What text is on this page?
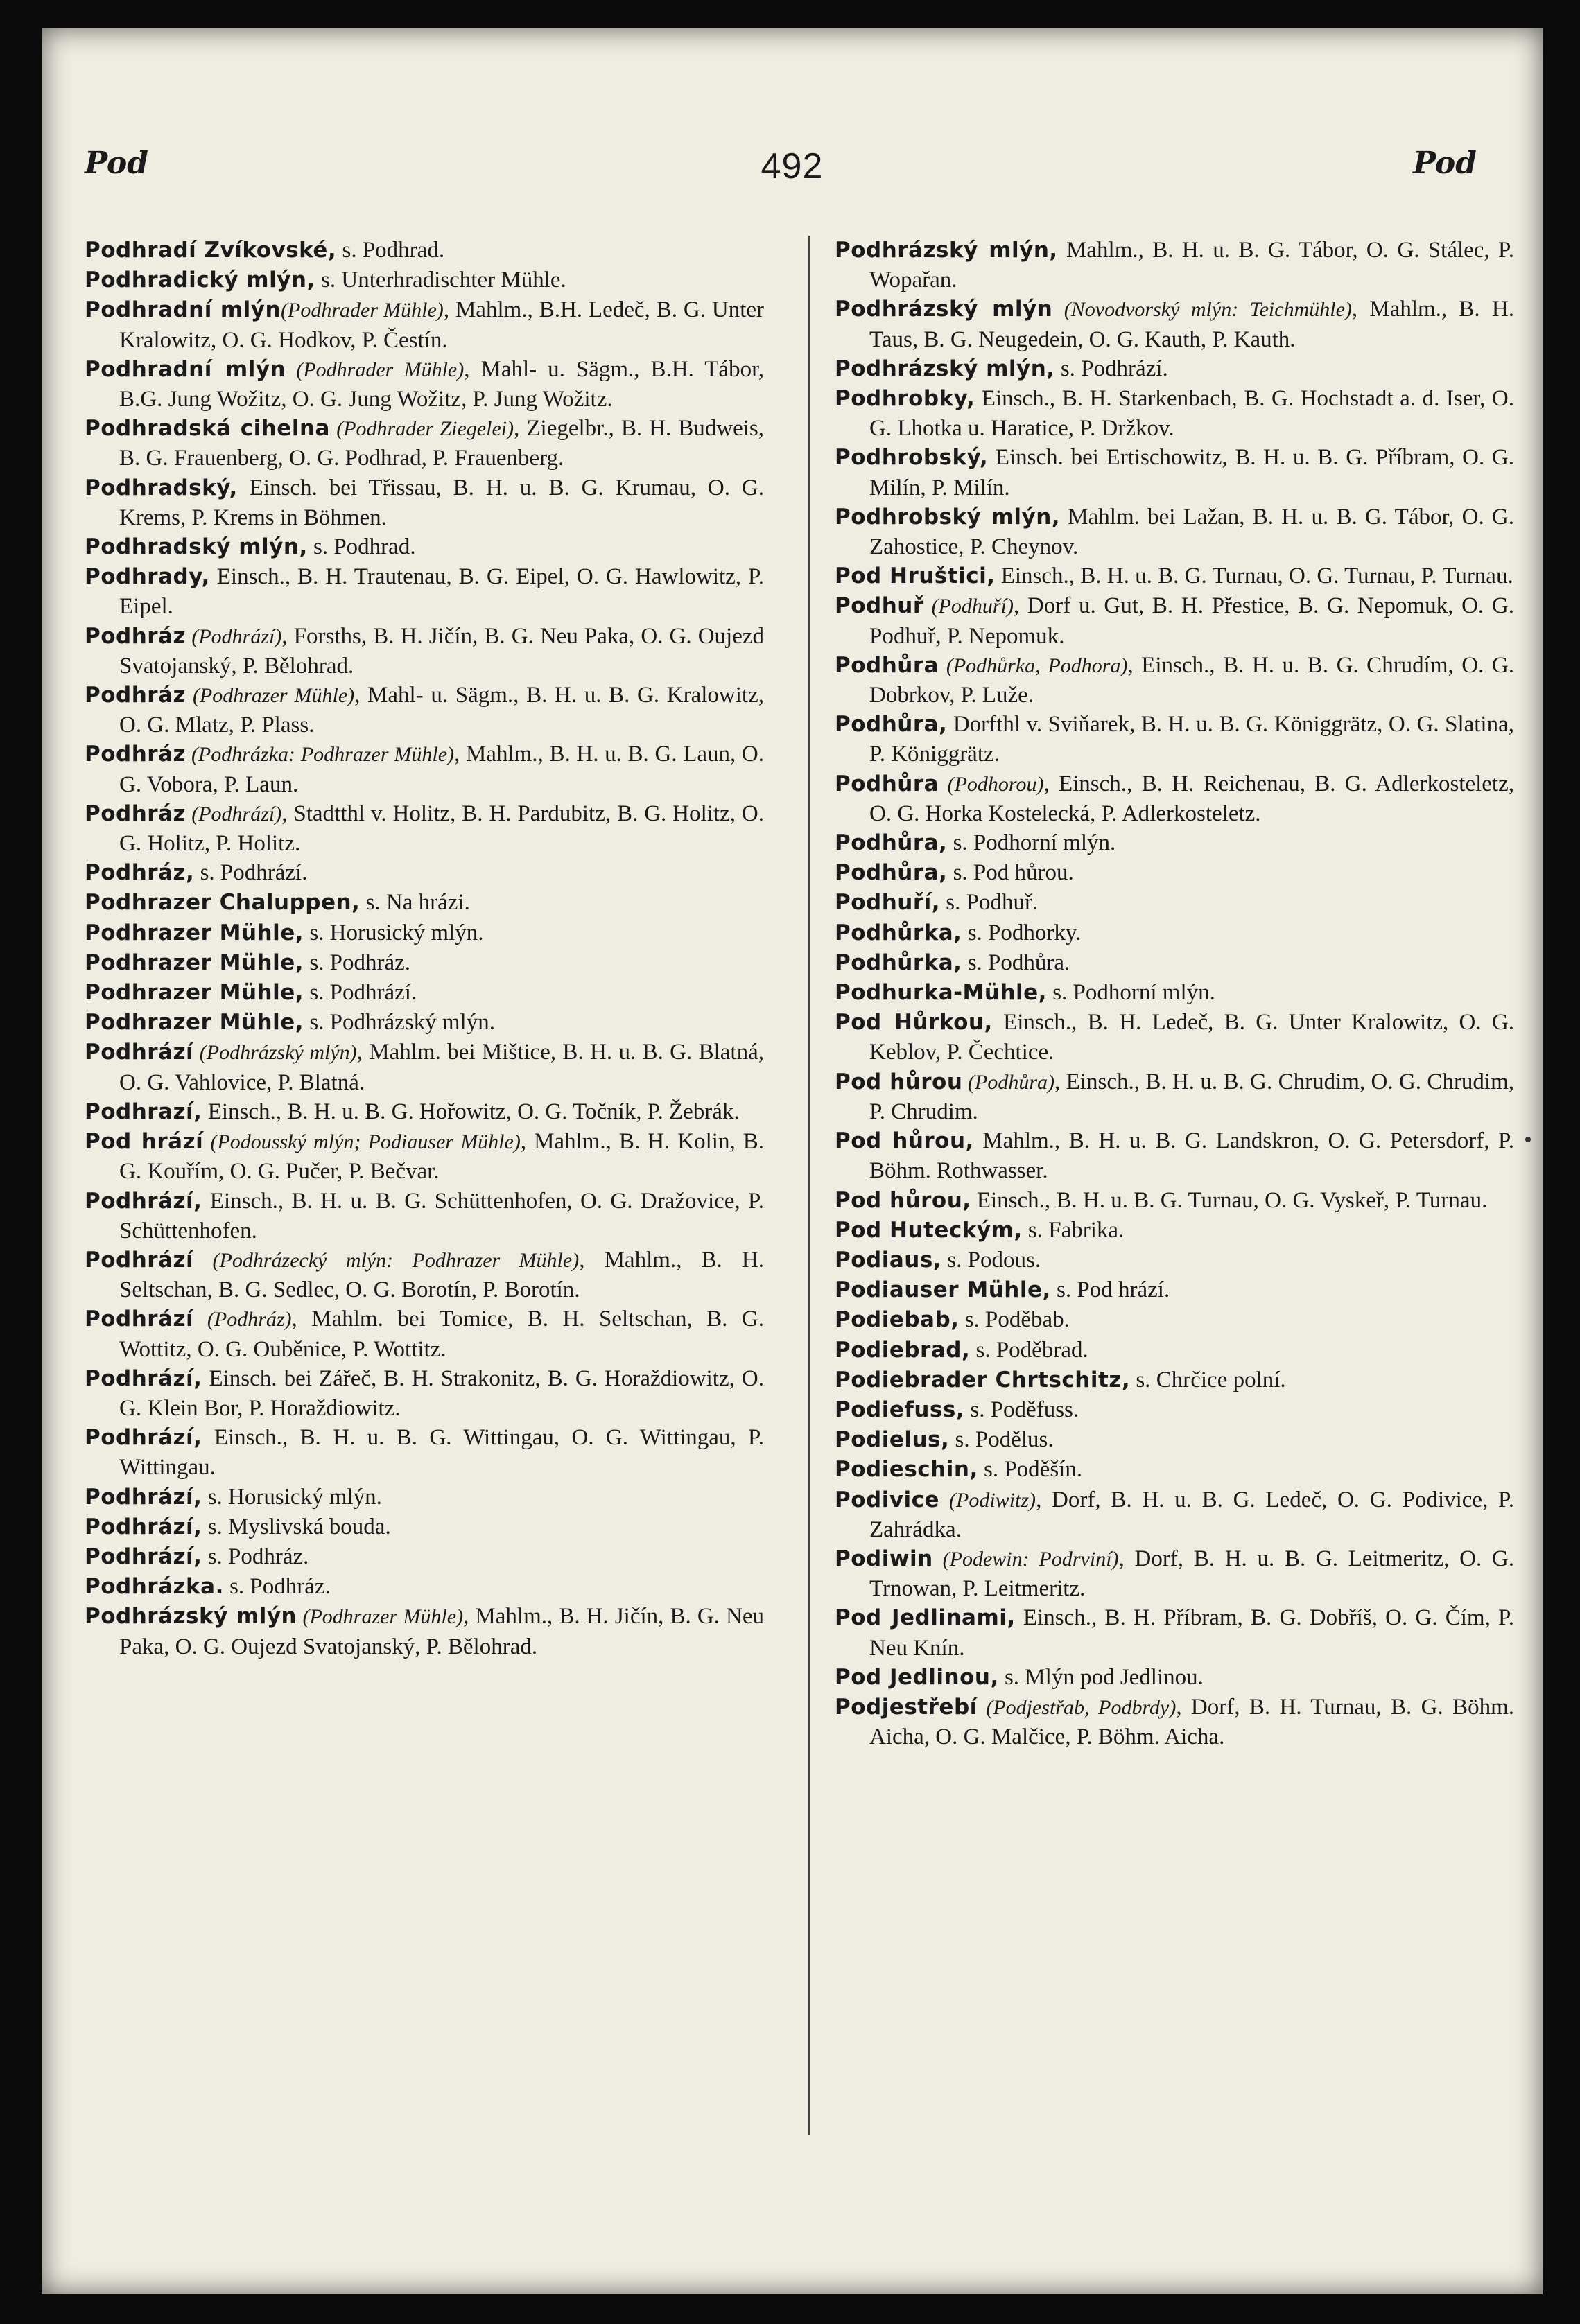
Pod	492	Pod

Podhradí Zvíkovské, s. Podhrad.

Podhradický mlýn, s. Unterhradischter Mühle.

Podhradní mlýn(Podhrader Mühle), Mahlm., B.H. Ledeč, B. G. Unter Kralowitz, O. G. Hodkov, P. Čestín.

Podhradní mlýn (Podhrader Mühle), Mahl- u. Sägm., B.H. Tábor, B.G. Jung Wožitz, O. G. Jung Wožitz, P. Jung Wožitz.

Podhradská cihelna (Podhrader Ziegelei), Ziegelbr., B. H. Budweis, B. G. Frauenberg, O. G. Podhrad, P. Frauenberg.

Podhradský, Einsch. bei Třissau, B. H. u. B. G. Krumau, O. G. Krems, P. Krems in Böhmen.

Podhradský mlýn, s. Podhrad.

Podhrady, Einsch., B. H. Trautenau, B. G. Eipel, O. G. Hawlowitz, P. Eipel.

Podhráz (Podhrází), Forsths, B. H. Jičín, B. G. Neu Paka, O. G. Oujezd Svatojanský, P. Bělohrad.

Podhráz (Podhrazer Mühle), Mahl- u. Sägm., B. H. u. B. G. Kralowitz, O. G. Mlatz, P. Plass.

Podhráz (Podhrázka: Podhrazer Mühle), Mahlm., B. H. u. B. G. Laun, O. G. Vobora, P. Laun.

Podhráz (Podhrází), Stadtthl v. Holitz, B. H. Pardubitz, B. G. Holitz, O. G. Holitz, P. Holitz.

Podhráz, s. Podhrází.

Podhrazer Chaluppen, s. Na hrázi.

Podhrazer Mühle, s. Horusický mlýn.

Podhrazer Mühle, s. Podhráz.

Podhrazer Mühle, s. Podhrází.

Podhrazer Mühle, s. Podhrázský mlýn.

Podhrází (Podhrázský mlýn), Mahlm. bei Mištice, B. H. u. B. G. Blatná, O. G. Vahlovice, P. Blatná.

Podhrazí, Einsch., B. H. u. B. G. Hořowitz, O. G. Točník, P. Žebrák.

Pod hrází (Podousský mlýn; Podiauser Mühle), Mahlm., B. H. Kolin, B. G. Kouřím, O. G. Pučer, P. Bečvar.

Podhrází, Einsch., B. H. u. B. G. Schüttenhofen, O. G. Dražovice, P. Schüttenhofen.

Podhrází (Podhrázecký mlýn: Podhrazer Mühle), Mahlm., B. H. Seltschan, B. G. Sedlec, O. G. Borotín, P. Borotín.

Podhrází (Podhráz), Mahlm. bei Tomice, B. H. Seltschan, B. G. Wottitz, O. G. Ouběnice, P. Wottitz.

Podhrází, Einsch. bei Zářeč, B. H. Strakonitz, B. G. Horaždiowitz, O. G. Klein Bor, P. Horaždiowitz.

Podhrází, Einsch., B. H. u. B. G. Wittingau, O. G. Wittingau, P. Wittingau.

Podhrází, s. Horusický mlýn.

Podhrází, s. Myslivská bouda.

Podhrází, s. Podhráz.

Podhrázka. s. Podhráz.

Podhrázský mlýn (Podhrazer Mühle), Mahlm., B. H. Jičín, B. G. Neu Paka, O. G. Oujezd Svatojanský, P. Bělohrad.

Podhrázský mlýn, Mahlm., B. H. u. B. G. Tábor, O. G. Stálec, P. Wopařan.

Podhrázský mlýn (Novodvorský mlýn: Teichmühle), Mahlm., B. H. Taus, B. G. Neugedein, O. G. Kauth, P. Kauth.

Podhrázský mlýn, s. Podhrází.

Podhrobky, Einsch., B. H. Starkenbach, B. G. Hochstadt a. d. Iser, O. G. Lhotka u. Haratice, P. Držkov.

Podhrobský, Einsch. bei Ertischowitz, B. H. u. B. G. Příbram, O. G. Milín, P. Milín.

Podhrobský mlýn, Mahlm. bei Lažan, B. H. u. B. G. Tábor, O. G. Zahostice, P. Cheynov.

Pod Hruštici, Einsch., B. H. u. B. G. Turnau, O. G. Turnau, P. Turnau.

Podhuř (Podhuří), Dorf u. Gut, B. H. Přestice, B. G. Nepomuk, O. G. Podhuř, P. Nepomuk.

Podhůra (Podhůrka, Podhora), Einsch., B. H. u. B. G. Chrudím, O. G. Dobrkov, P. Luže.

Podhůra, Dorfthl v. Sviňarek, B. H. u. B. G. Königgrätz, O. G. Slatina, P. Königgrätz.

Podhůra (Podhorou), Einsch., B. H. Reichenau, B. G. Adlerkosteletz, O. G. Horka Kostelecká, P. Adlerkosteletz.

Podhůra, s. Podhorní mlýn.

Podhůra, s. Pod hůrou.

Podhuří, s. Podhuř.

Podhůrka, s. Podhorky.

Podhůrka, s. Podhůra.

Podhurka-Mühle, s. Podhorní mlýn.

Pod Hůrkou, Einsch., B. H. Ledeč, B. G. Unter Kralowitz, O. G. Keblov, P. Čechtice.

Pod hůrou (Podhůra), Einsch., B. H. u. B. G. Chrudim, O. G. Chrudim, P. Chrudim.

Pod hůrou, Mahlm., B. H. u. B. G. Landskron, O. G. Petersdorf, P. Böhm. Rothwasser.

Pod hůrou, Einsch., B. H. u. B. G. Turnau, O. G. Vyskeř, P. Turnau.

Pod Huteckým, s. Fabrika.

Podiaus, s. Podous.

Podiauser Mühle, s. Pod hrází.

Podiebab, s. Poděbab.

Podiebrad, s. Poděbrad.

Podiebrader Chrtschitz, s. Chrčice polní.

Podiefuss, s. Poděfuss.

Podielus, s. Podělus.

Podieschin, s. Poděšín.

Podivice (Podiwitz), Dorf, B. H. u. B. G. Ledeč, O. G. Podivice, P. Zahrádka.

Podiwin (Podewin: Podrviní), Dorf, B. H. u. B. G. Leitmeritz, O. G. Trnowan, P. Leitmeritz.

Pod Jedlinami, Einsch., B. H. Příbram, B. G. Dobříš, O. G. Čím, P. Neu Knín.

Pod Jedlinou, s. Mlýn pod Jedlinou.

Podjestřebí (Podjestřab, Podbrdy), Dorf, B. H. Turnau, B. G. Böhm. Aicha, O. G. Malčice, P. Böhm. Aicha.
